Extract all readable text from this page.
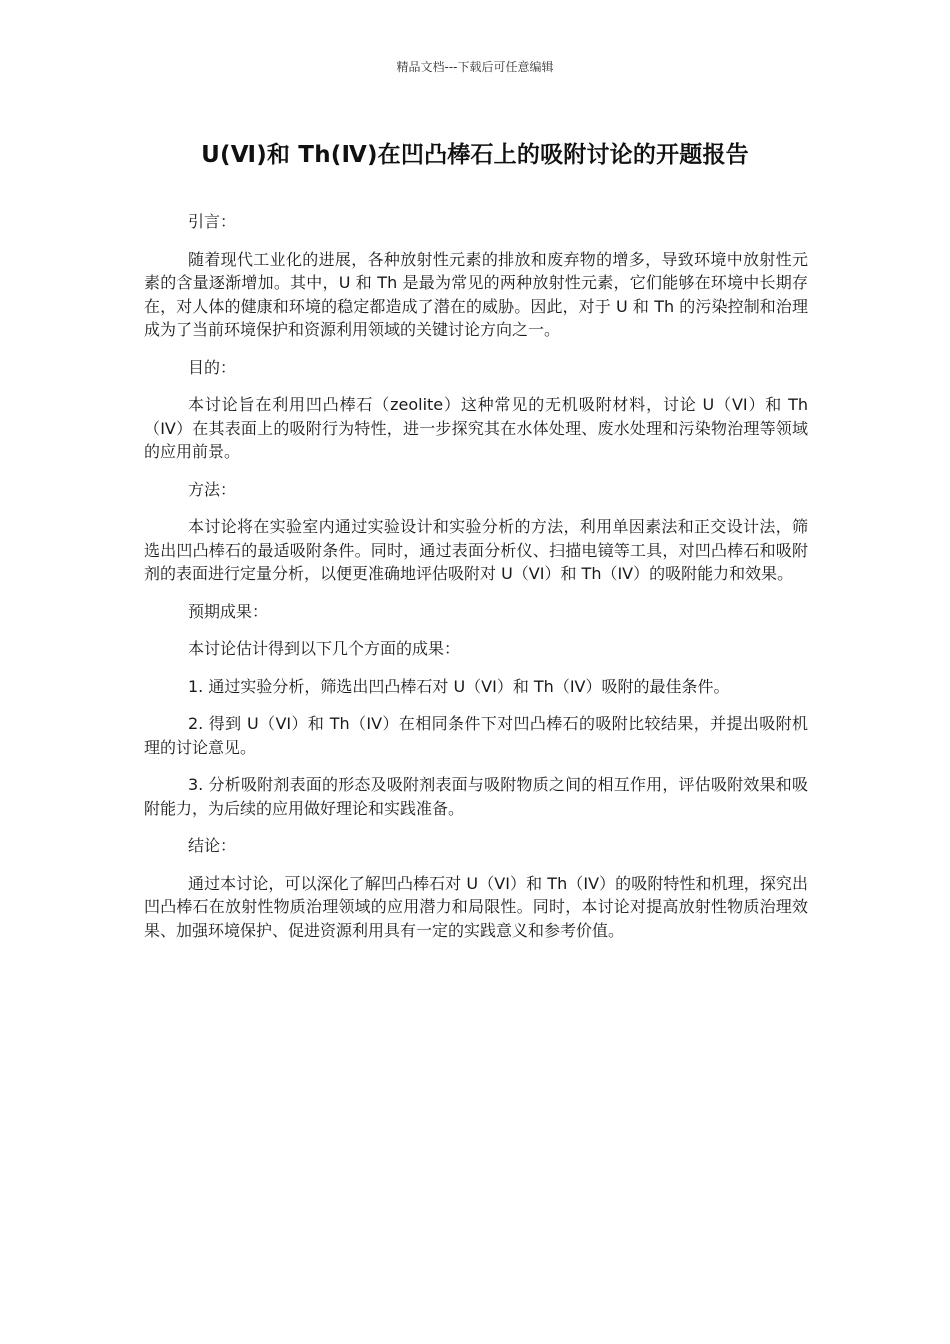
精品文档---下载后可任意编辑
U(Ⅵ)和 Th(Ⅳ)在凹凸棒石上的吸附讨论的开题报告

引言：

随着现代工业化的进展，各种放射性元素的排放和废弃物的增多，导致环境中放射性元素的含量逐渐增加。其中，U 和 Th 是最为常见的两种放射性元素，它们能够在环境中长期存在，对人体的健康和环境的稳定都造成了潜在的威胁。因此，对于 U 和 Th 的污染控制和治理成为了当前环境保护和资源利用领域的关键讨论方向之一。

目的：

本讨论旨在利用凹凸棒石（zeolite）这种常见的无机吸附材料，讨论 U（VI）和 Th（IV）在其表面上的吸附行为特性，进一步探究其在水体处理、废水处理和污染物治理等领域的应用前景。

方法：

本讨论将在实验室内通过实验设计和实验分析的方法，利用单因素法和正交设计法，筛选出凹凸棒石的最适吸附条件。同时，通过表面分析仪、扫描电镜等工具，对凹凸棒石和吸附剂的表面进行定量分析，以便更准确地评估吸附对 U（VI）和 Th（IV）的吸附能力和效果。

预期成果：

本讨论估计得到以下几个方面的成果：

1. 通过实验分析，筛选出凹凸棒石对 U（VI）和 Th（IV）吸附的最佳条件。

2. 得到 U（VI）和 Th（IV）在相同条件下对凹凸棒石的吸附比较结果，并提出吸附机理的讨论意见。

3. 分析吸附剂表面的形态及吸附剂表面与吸附物质之间的相互作用，评估吸附效果和吸附能力，为后续的应用做好理论和实践准备。

结论：

通过本讨论，可以深化了解凹凸棒石对 U（VI）和 Th（IV）的吸附特性和机理，探究出凹凸棒石在放射性物质治理领域的应用潜力和局限性。同时，本讨论对提高放射性物质治理效果、加强环境保护、促进资源利用具有一定的实践意义和参考价值。
